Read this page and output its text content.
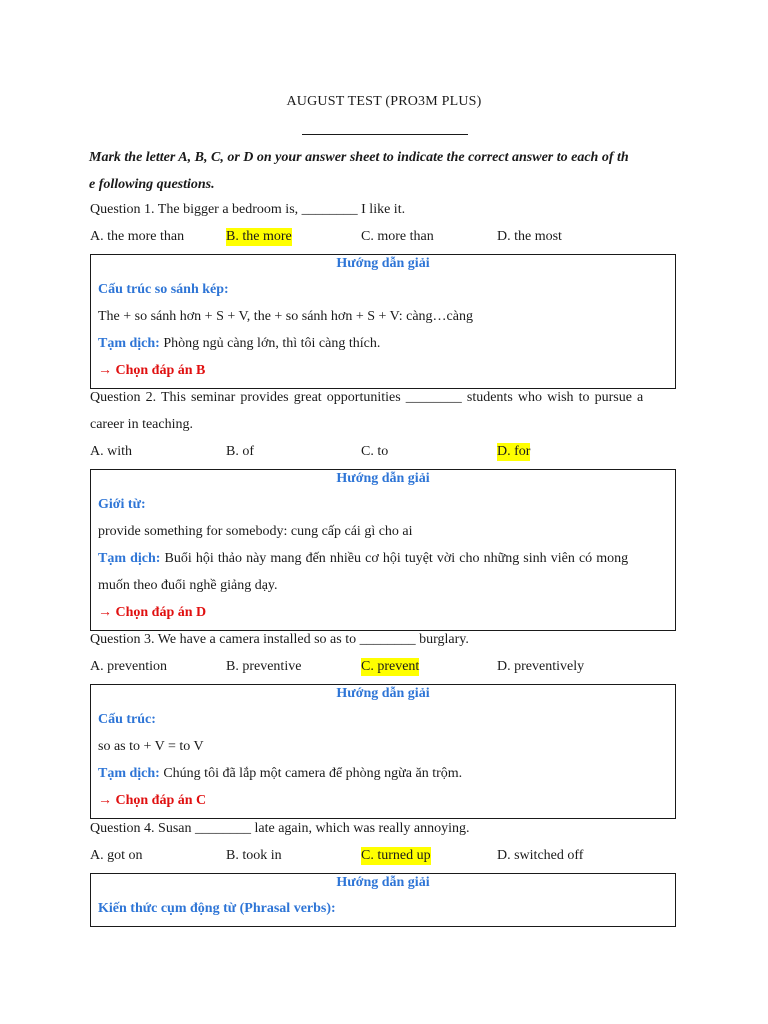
AUGUST TEST (PRO3M PLUS)
Mark the letter A, B, C, or D on your answer sheet to indicate the correct answer to each of th
e following questions.
Question 1. The bigger a bedroom is, ________ I like it.
A. the more than	B. the more	C. more than	D. the most
Hướng dẫn giải
Cấu trúc so sánh kép:
The + so sánh hơn + S + V, the + so sánh hơn + S + V: càng…càng
Tạm dịch: Phòng ngủ càng lớn, thì tôi càng thích.
→ Chọn đáp án B
Question 2. This seminar provides great opportunities ________ students who wish to pursue a
career in teaching.
A. with	B. of	C. to	D. for
Hướng dẫn giải
Giới từ:
provide something for somebody: cung cấp cái gì cho ai
Tạm dịch: Buổi hội thảo này mang đến nhiều cơ hội tuyệt vời cho những sinh viên có mong
muốn theo đuổi nghề giảng dạy.
→ Chọn đáp án D
Question 3. We have a camera installed so as to ________ burglary.
A. prevention	B. preventive	C. prevent	D. preventively
Hướng dẫn giải
Cấu trúc:
so as to + V = to V
Tạm dịch: Chúng tôi đã lắp một camera để phòng ngừa ăn trộm.
→ Chọn đáp án C
Question 4. Susan ________ late again, which was really annoying.
A. got on	B. took in	C. turned up	D. switched off
Hướng dẫn giải
Kiến thức cụm động từ (Phrasal verbs):
